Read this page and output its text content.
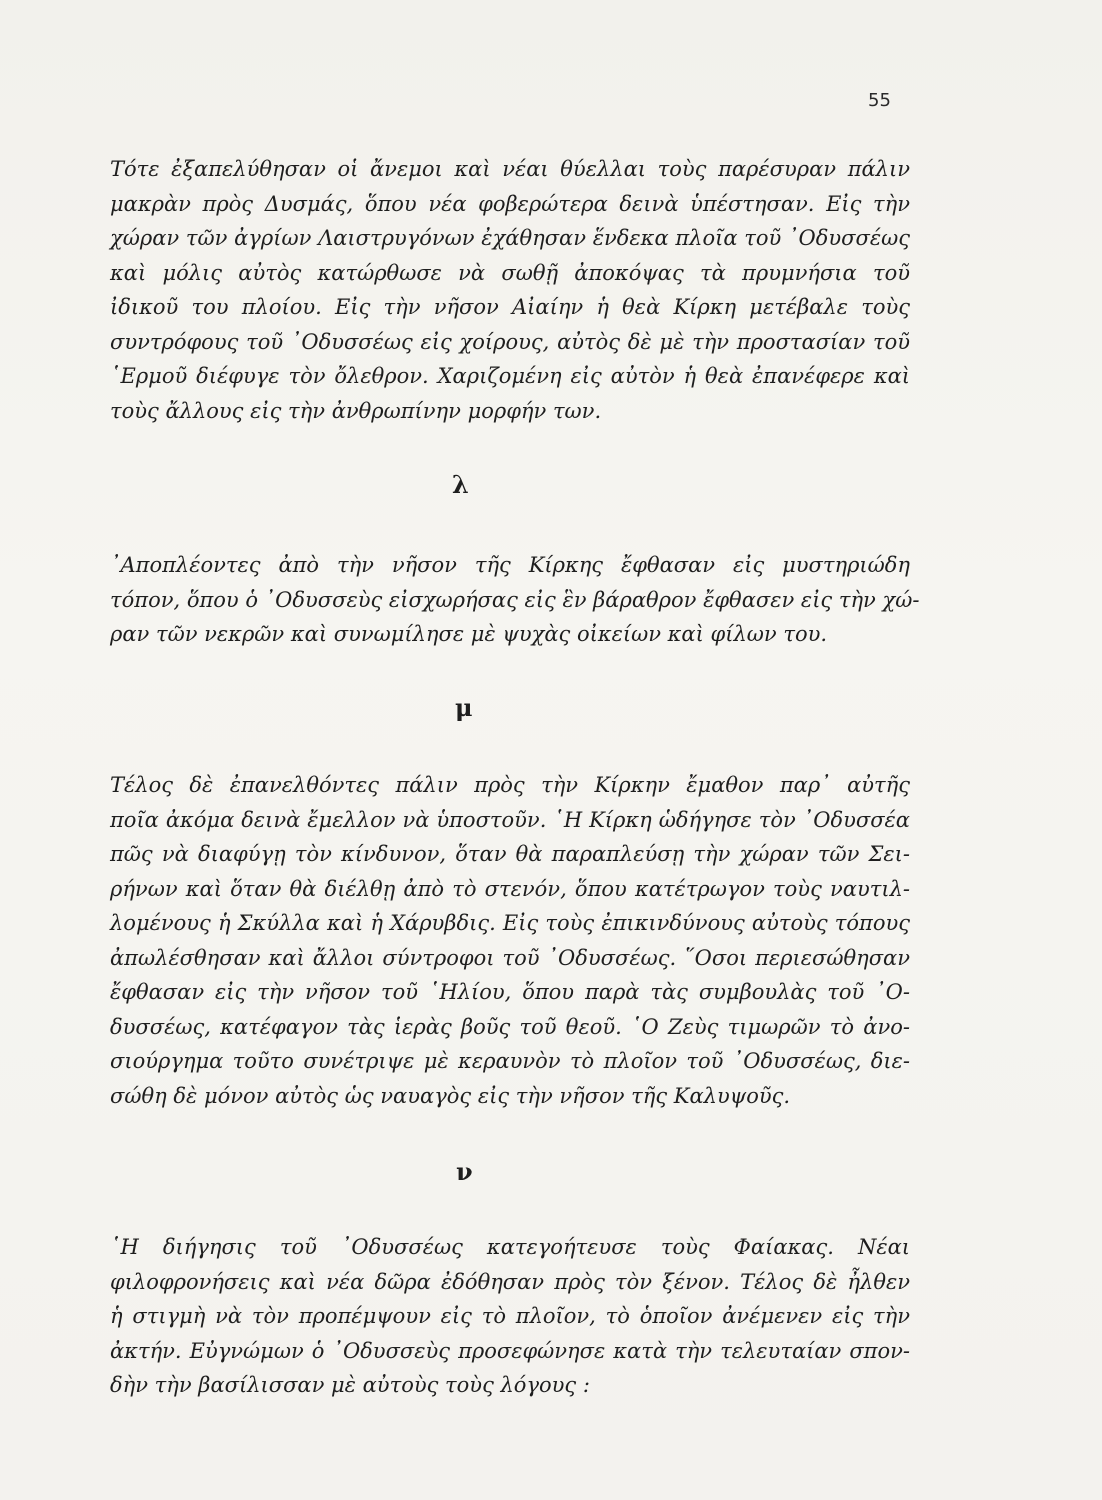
55
Τότε ἐξαπελύθησαν οἱ ἄνεμοι καὶ νέαι θύελλαι τοὺς παρέσυραν πάλιν
μακρὰν πρὸς Δυσμάς, ὅπου νέα φοβερώτερα δεινὰ ὑπέστησαν. Εἰς τὴν
χώραν τῶν ἀγρίων Λαιστρυγόνων ἐχάθησαν ἕνδεκα πλοῖα τοῦ ᾿Οδυσσέως
καὶ μόλις αὐτὸς κατώρθωσε νὰ σωθῇ ἀποκόψας τὰ πρυμνήσια τοῦ
ἰδικοῦ του πλοίου. Εἰς τὴν νῆσον Αἰαίην ἡ θεὰ Κίρκη μετέβαλε τοὺς
συντρόφους τοῦ ᾿Οδυσσέως εἰς χοίρους, αὐτὸς δὲ μὲ τὴν προστασίαν τοῦ
῾Ερμοῦ διέφυγε τὸν ὄλεθρον. Χαριζομένη εἰς αὐτὸν ἡ θεὰ ἐπανέφερε καὶ
τοὺς ἄλλους εἰς τὴν ἀνθρωπίνην μορφήν των.
λ
᾿Αποπλέοντες ἀπὸ τὴν νῆσον τῆς Κίρκης ἔφθασαν εἰς μυστηριώδη
τόπον, ὅπου ὁ ᾿Οδυσσεὺς εἰσχωρήσας εἰς ἓν βάραθρον ἔφθασεν εἰς τὴν χώ-
ραν τῶν νεκρῶν καὶ συνωμίλησε μὲ ψυχὰς οἰκείων καὶ φίλων του.
μ
Τέλος δὲ ἐπανελθόντες πάλιν πρὸς τὴν Κίρκην ἔμαθον παρ᾿ αὐτῆς
ποῖα ἀκόμα δεινὰ ἔμελλον νὰ ὑποστοῦν. ῾Η Κίρκη ὡδήγησε τὸν ᾿Οδυσσέα
πῶς νὰ διαφύγῃ τὸν κίνδυνον, ὅταν θὰ παραπλεύσῃ τὴν χώραν τῶν Σει-
ρήνων καὶ ὅταν θὰ διέλθῃ ἀπὸ τὸ στενόν, ὅπου κατέτρωγον τοὺς ναυτιλ-
λομένους ἡ Σκύλλα καὶ ἡ Χάρυβδις. Εἰς τοὺς ἐπικινδύνους αὐτοὺς τόπους
ἀπωλέσθησαν καὶ ἄλλοι σύντροφοι τοῦ ᾿Οδυσσέως. ῞Οσοι περιεσώθησαν
ἔφθασαν εἰς τὴν νῆσον τοῦ ῾Ηλίου, ὅπου παρὰ τὰς συμβουλὰς τοῦ ᾿Ο-
δυσσέως, κατέφαγον τὰς ἱερὰς βοῦς τοῦ θεοῦ. ῾Ο Ζεὺς τιμωρῶν τὸ ἀνο-
σιούργημα τοῦτο συνέτριψε μὲ κεραυνὸν τὸ πλοῖον τοῦ ᾿Οδυσσέως, διε-
σώθη δὲ μόνον αὐτὸς ὡς ναυαγὸς εἰς τὴν νῆσον τῆς Καλυψοῦς.
ν
῾Η διήγησις τοῦ ᾿Οδυσσέως κατεγοήτευσε τοὺς Φαίακας. Νέαι
φιλοφρονήσεις καὶ νέα δῶρα ἐδόθησαν πρὸς τὸν ξένον. Τέλος δὲ ἦλθεν
ἡ στιγμὴ νὰ τὸν προπέμψουν εἰς τὸ πλοῖον, τὸ ὁποῖον ἀνέμενεν εἰς τὴν
ἀκτήν. Εὐγνώμων ὁ ᾿Οδυσσεὺς προσεφώνησε κατὰ τὴν τελευταίαν σπον-
δὴν τὴν βασίλισσαν μὲ αὐτοὺς τοὺς λόγους :
